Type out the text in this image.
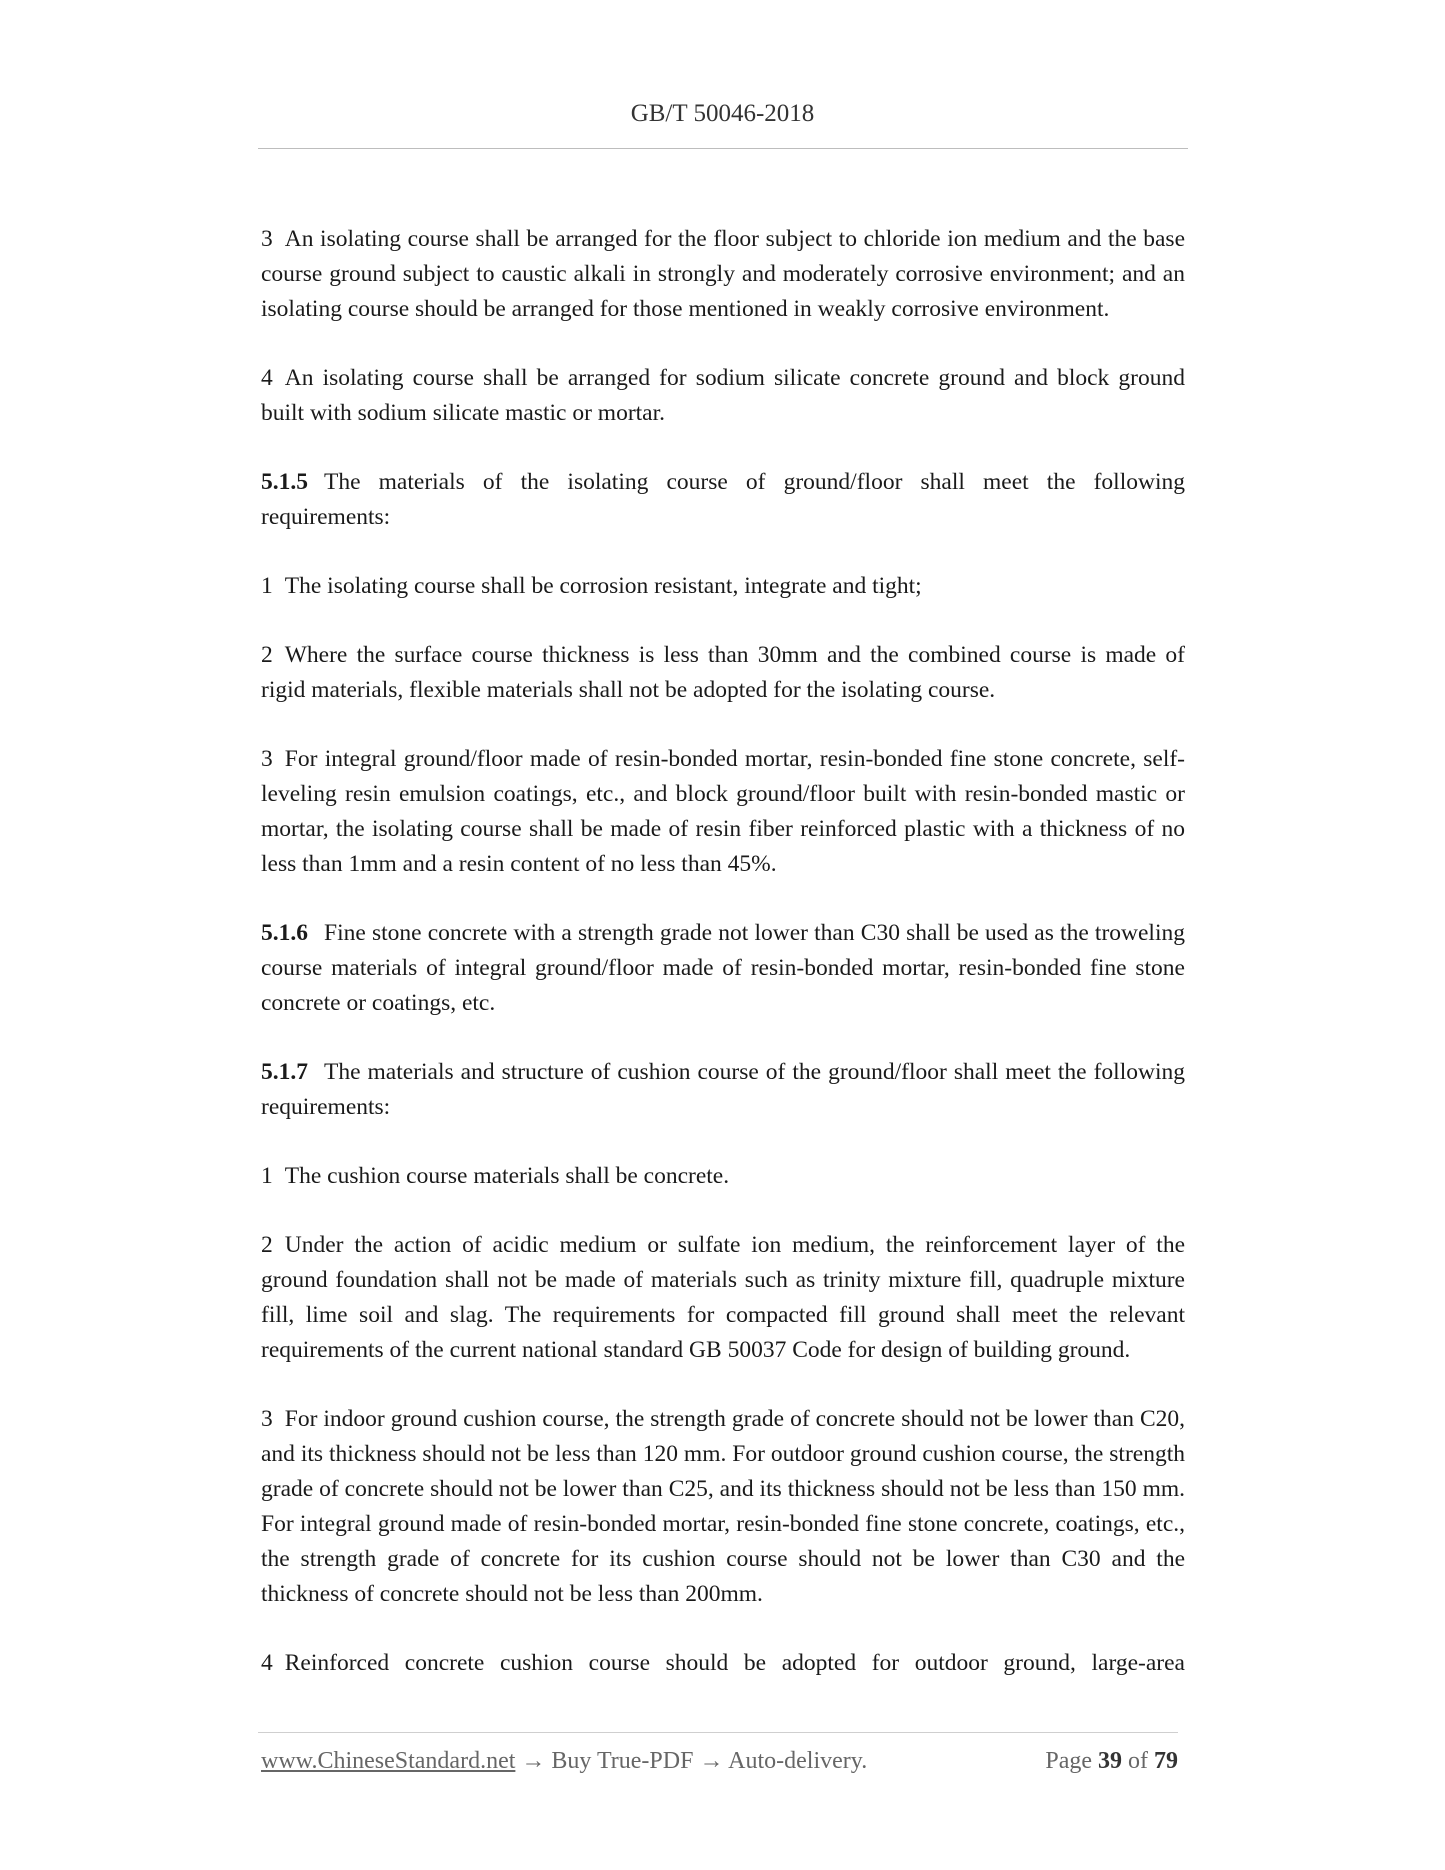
GB/T 50046-2018

3 An isolating course shall be arranged for the floor subject to chloride ion medium and the base course ground subject to caustic alkali in strongly and moderately corrosive environment; and an isolating course should be arranged for those mentioned in weakly corrosive environment.

4 An isolating course shall be arranged for sodium silicate concrete ground and block ground built with sodium silicate mastic or mortar.

5.1.5 The materials of the isolating course of ground/floor shall meet the following requirements:

1 The isolating course shall be corrosion resistant, integrate and tight;

2 Where the surface course thickness is less than 30mm and the combined course is made of rigid materials, flexible materials shall not be adopted for the isolating course.

3 For integral ground/floor made of resin-bonded mortar, resin-bonded fine stone concrete, self-leveling resin emulsion coatings, etc., and block ground/floor built with resin-bonded mastic or mortar, the isolating course shall be made of resin fiber reinforced plastic with a thickness of no less than 1mm and a resin content of no less than 45%.

5.1.6 Fine stone concrete with a strength grade not lower than C30 shall be used as the troweling course materials of integral ground/floor made of resin-bonded mortar, resin-bonded fine stone concrete or coatings, etc.

5.1.7 The materials and structure of cushion course of the ground/floor shall meet the following requirements:

1 The cushion course materials shall be concrete.

2 Under the action of acidic medium or sulfate ion medium, the reinforcement layer of the ground foundation shall not be made of materials such as trinity mixture fill, quadruple mixture fill, lime soil and slag. The requirements for compacted fill ground shall meet the relevant requirements of the current national standard GB 50037 Code for design of building ground.

3 For indoor ground cushion course, the strength grade of concrete should not be lower than C20, and its thickness should not be less than 120 mm. For outdoor ground cushion course, the strength grade of concrete should not be lower than C25, and its thickness should not be less than 150 mm. For integral ground made of resin-bonded mortar, resin-bonded fine stone concrete, coatings, etc., the strength grade of concrete for its cushion course should not be lower than C30 and the thickness of concrete should not be less than 200mm.

4 Reinforced concrete cushion course should be adopted for outdoor ground, large-area

www.ChineseStandard.net → Buy True-PDF → Auto-delivery.	Page 39 of 79
